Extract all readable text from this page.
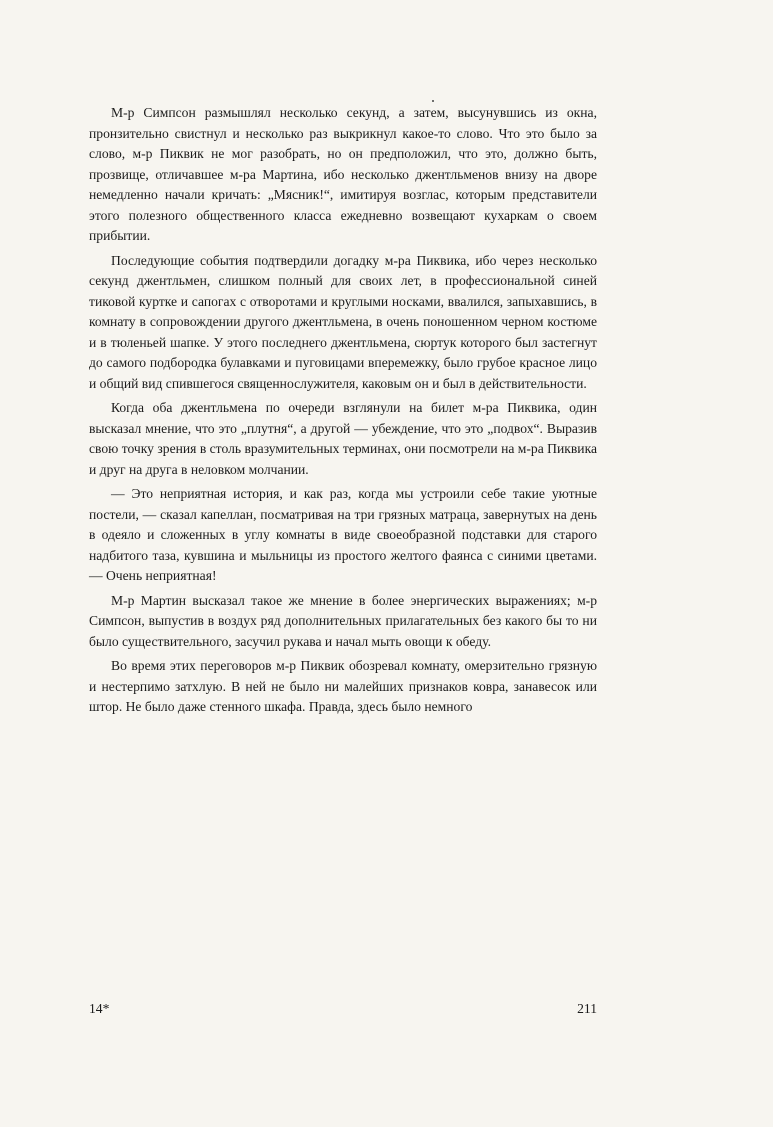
М-р Симпсон размышлял несколько секунд, а затем, высунувшись из окна, пронзительно свистнул и несколько раз выкрикнул какое-то слово. Что это было за слово, м-р Пиквик не мог разобрать, но он предположил, что это, должно быть, прозвище, отличавшее м-ра Мартина, ибо несколько джентльменов внизу на дворе немедленно начали кричать: „Мясник!“, имитируя возглас, которым представители этого полезного общественного класса ежедневно возвещают кухаркам о своем прибытии.

Последующие события подтвердили догадку м-ра Пиквика, ибо через несколько секунд джентльмен, слишком полный для своих лет, в профессиональной синей тиковой куртке и сапогах с отворотами и круглыми носками, ввалился, запыхавшись, в комнату в сопровождении другого джентльмена, в очень поношенном черном костюме и в тюленьей шапке. У этого последнего джентльмена, сюртук которого был застегнут до самого подбородка булавками и пуговицами вперемежку, было грубое красное лицо и общий вид спившегося священнослужителя, каковым он и был в действительности.

Когда оба джентльмена по очереди взглянули на билет м-ра Пиквика, один высказал мнение, что это „плутня“, а другой — убеждение, что это „подвох“. Выразив свою точку зрения в столь вразумительных терминах, они посмотрели на м-ра Пиквика и друг на друга в неловком молчании.

— Это неприятная история, и как раз, когда мы устроили себе такие уютные постели, — сказал капеллан, посматривая на три грязных матраца, завернутых на день в одеяло и сложенных в углу комнаты в виде своеобразной подставки для старого надбитого таза, кувшина и мыльницы из простого желтого фаянса с синими цветами. — Очень неприятная!

М-р Мартин высказал такое же мнение в более энергических выражениях; м-р Симпсон, выпустив в воздух ряд дополнительных прилагательных без какого бы то ни было существительного, засучил рукава и начал мыть овощи к обеду.

Во время этих переговоров м-р Пиквик обозревал комнату, омерзительно грязную и нестерпимо затхлую. В ней не было ни малейших признаков ковра, занавесок или штор. Не было даже стенного шкафа. Правда, здесь было немного

14*	211
